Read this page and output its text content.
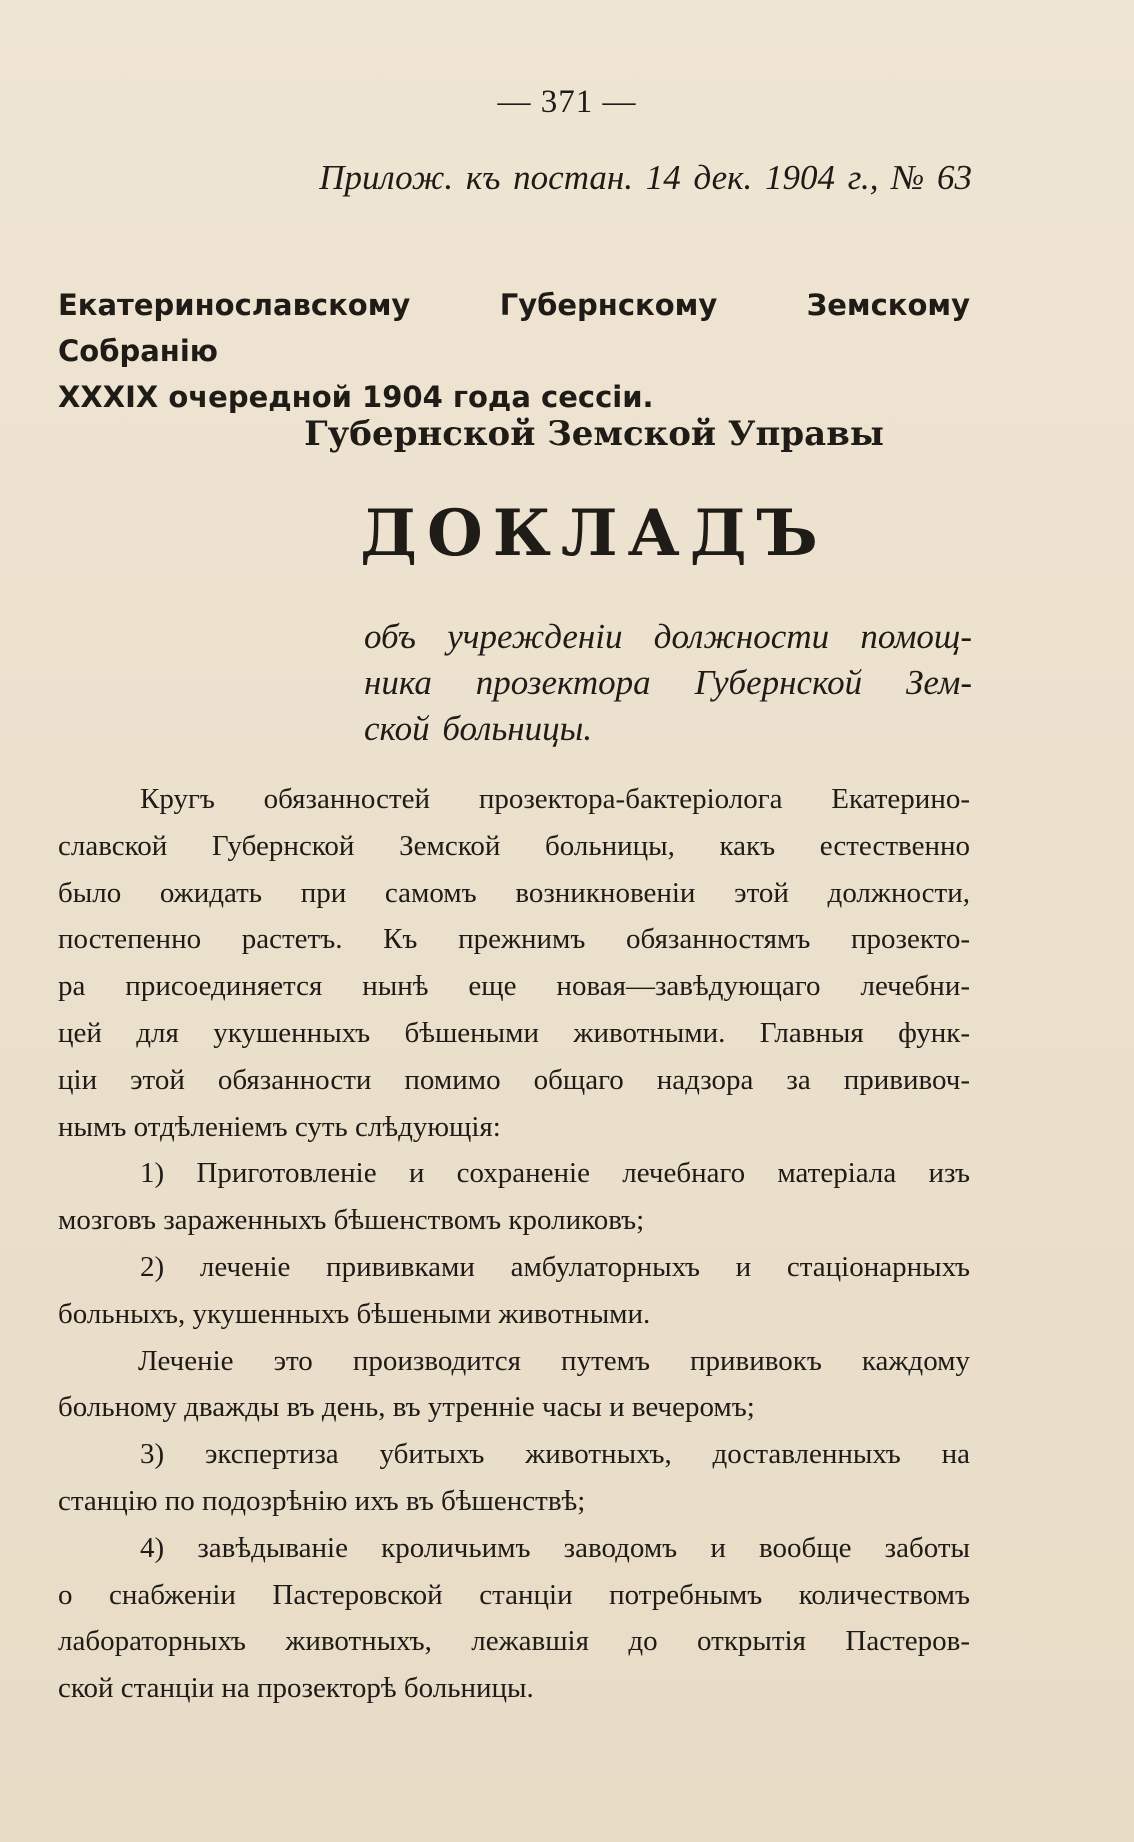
— 371 —
Прилож. къ постан. 14 дек. 1904 г., № 63
Екатеринославскому Губернскому Земскому Собранію
XXXIX очередной 1904 года сессіи.
Губернской Земской Управы
ДОКЛАДЪ
объ учрежденіи должности помощ-
ника прозектора Губернской Зем-
ской больницы.
Кругъ обязанностей прозектора-бактеріолога Екатерино-
славской Губернской Земской больницы, какъ естественно
было ожидать при самомъ возникновеніи этой должности,
постепенно растетъ. Къ прежнимъ обязанностямъ прозекто-
ра присоединяется нынѣ еще новая—завѣдующаго лечебни-
цей для укушенныхъ бѣшеными животными. Главныя функ-
ціи этой обязанности помимо общаго надзора за прививоч-
нымъ отдѣленіемъ суть слѣдующія:
1) Приготовленіе и сохраненіе лечебнаго матеріала изъ
мозговъ зараженныхъ бѣшенствомъ кроликовъ;
2) леченіе прививками амбулаторныхъ и стаціонарныхъ
больныхъ, укушенныхъ бѣшеными животными.
Леченіе это производится путемъ прививокъ каждому
больному дважды въ день, въ утренніе часы и вечеромъ;
3) экспертиза убитыхъ животныхъ, доставленныхъ на
станцію по подозрѣнію ихъ въ бѣшенствѣ;
4) завѣдываніе кроличьимъ заводомъ и вообще заботы
о снабженіи Пастеровской станціи потребнымъ количествомъ
лабораторныхъ животныхъ, лежавшія до открытія Пастеров-
ской станціи на прозекторѣ больницы.
